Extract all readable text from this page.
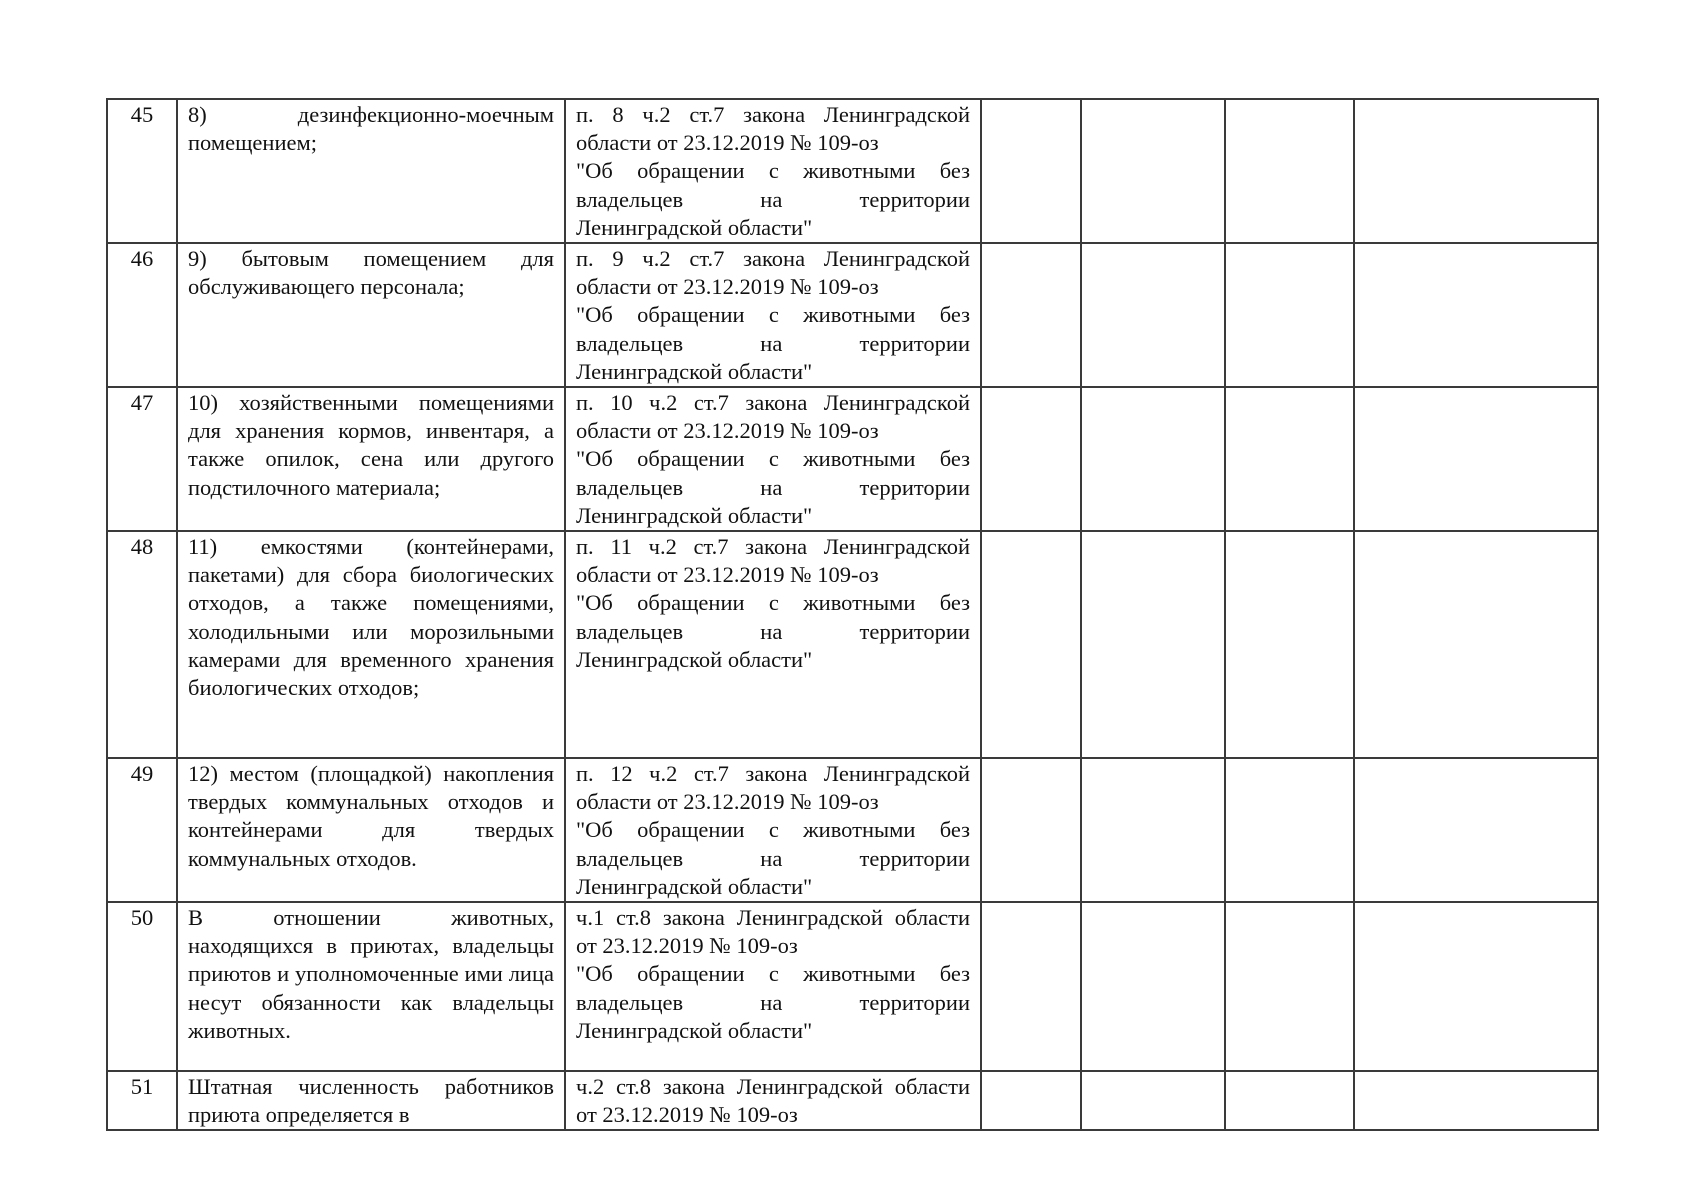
45	8) дезинфекционно-моечным помещением;	п. 8 ч.2 ст.7 закона Ленинградской области от 23.12.2019 № 109-оз
"Об обращении с животными без владельцев на территории Ленинградской области"				

46	9) бытовым помещением для обслуживающего персонала;	п. 9 ч.2 ст.7 закона Ленинградской области от 23.12.2019 № 109-оз
"Об обращении с животными без владельцев на территории Ленинградской области"				

47	10) хозяйственными помещениями для хранения кормов, инвентаря, а также опилок, сена или другого подстилочного материала;	п. 10 ч.2 ст.7 закона Ленинградской области от 23.12.2019 № 109-оз
"Об обращении с животными без владельцев на территории Ленинградской области"				

48	11) емкостями (контейнерами, пакетами) для сбора биологических отходов, а также помещениями, холодильными или морозильными камерами для временного хранения биологических отходов;	п. 11 ч.2 ст.7 закона Ленинградской области от 23.12.2019 № 109-оз
"Об обращении с животными без владельцев на территории Ленинградской области"				

49	12) местом (площадкой) накопления твердых коммунальных отходов и контейнерами для твердых коммунальных отходов.	п. 12 ч.2 ст.7 закона Ленинградской области от 23.12.2019 № 109-оз
"Об обращении с животными без владельцев на территории Ленинградской области"				

50	В отношении животных, находящихся в приютах, владельцы приютов и уполномоченные ими лица несут обязанности как владельцы животных.	ч.1 ст.8 закона Ленинградской области от 23.12.2019 № 109-оз
"Об обращении с животными без владельцев на территории Ленинградской области"				

51	Штатная численность работников приюта определяется в	ч.2 ст.8 закона Ленинградской области от 23.12.2019 № 109-оз				
